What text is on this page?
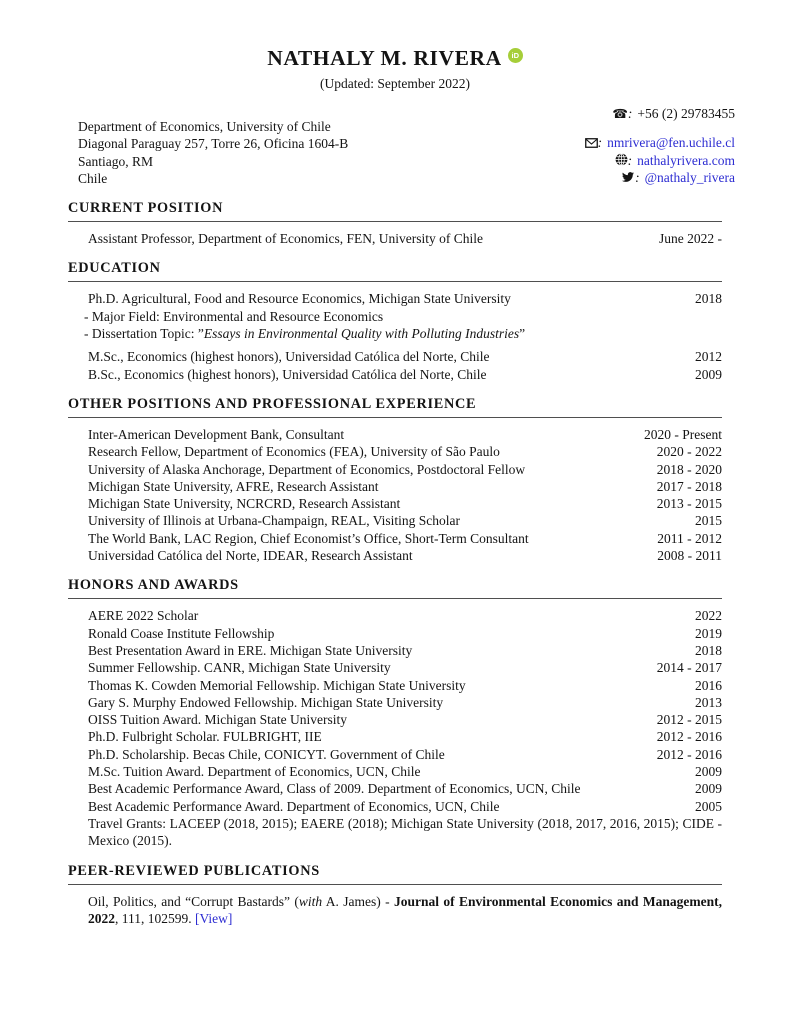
NATHALY M. RIVERA iD
(Updated: September 2022)
Department of Economics, University of Chile
Diagonal Paraguay 257, Torre 26, Oficina 1604-B
Santiago, RM
Chile
☎: +56 (2) 29783455
: nmrivera@fen.uchile.cl
: nathalyrivera.com
: @nathaly_rivera
CURRENT POSITION
Assistant Professor, Department of Economics, FEN, University of Chile	June 2022 -
EDUCATION
Ph.D. Agricultural, Food and Resource Economics, Michigan State University	2018
- Major Field: Environmental and Resource Economics
- Dissertation Topic: ”Essays in Environmental Quality with Polluting Industries”
M.Sc., Economics (highest honors), Universidad Católica del Norte, Chile	2012
B.Sc., Economics (highest honors), Universidad Católica del Norte, Chile	2009
OTHER POSITIONS AND PROFESSIONAL EXPERIENCE
Inter-American Development Bank, Consultant	2020 - Present
Research Fellow, Department of Economics (FEA), University of São Paulo	2020 - 2022
University of Alaska Anchorage, Department of Economics, Postdoctoral Fellow	2018 - 2020
Michigan State University, AFRE, Research Assistant	2017 - 2018
Michigan State University, NCRCRD, Research Assistant	2013 - 2015
University of Illinois at Urbana-Champaign, REAL, Visiting Scholar	2015
The World Bank, LAC Region, Chief Economist’s Office, Short-Term Consultant	2011 - 2012
Universidad Católica del Norte, IDEAR, Research Assistant	2008 - 2011
HONORS AND AWARDS
AERE 2022 Scholar	2022
Ronald Coase Institute Fellowship	2019
Best Presentation Award in ERE. Michigan State University	2018
Summer Fellowship. CANR, Michigan State University	2014 - 2017
Thomas K. Cowden Memorial Fellowship. Michigan State University	2016
Gary S. Murphy Endowed Fellowship. Michigan State University	2013
OISS Tuition Award. Michigan State University	2012 - 2015
Ph.D. Fulbright Scholar. FULBRIGHT, IIE	2012 - 2016
Ph.D. Scholarship. Becas Chile, CONICYT. Government of Chile	2012 - 2016
M.Sc. Tuition Award. Department of Economics, UCN, Chile	2009
Best Academic Performance Award, Class of 2009. Department of Economics, UCN, Chile	2009
Best Academic Performance Award. Department of Economics, UCN, Chile	2005
Travel Grants: LACEEP (2018, 2015); EAERE (2018); Michigan State University (2018, 2017, 2016, 2015); CIDE - Mexico (2015).
PEER-REVIEWED PUBLICATIONS
Oil, Politics, and “Corrupt Bastards” (with A. James) - Journal of Environmental Economics and Management, 2022, 111, 102599. [View]
